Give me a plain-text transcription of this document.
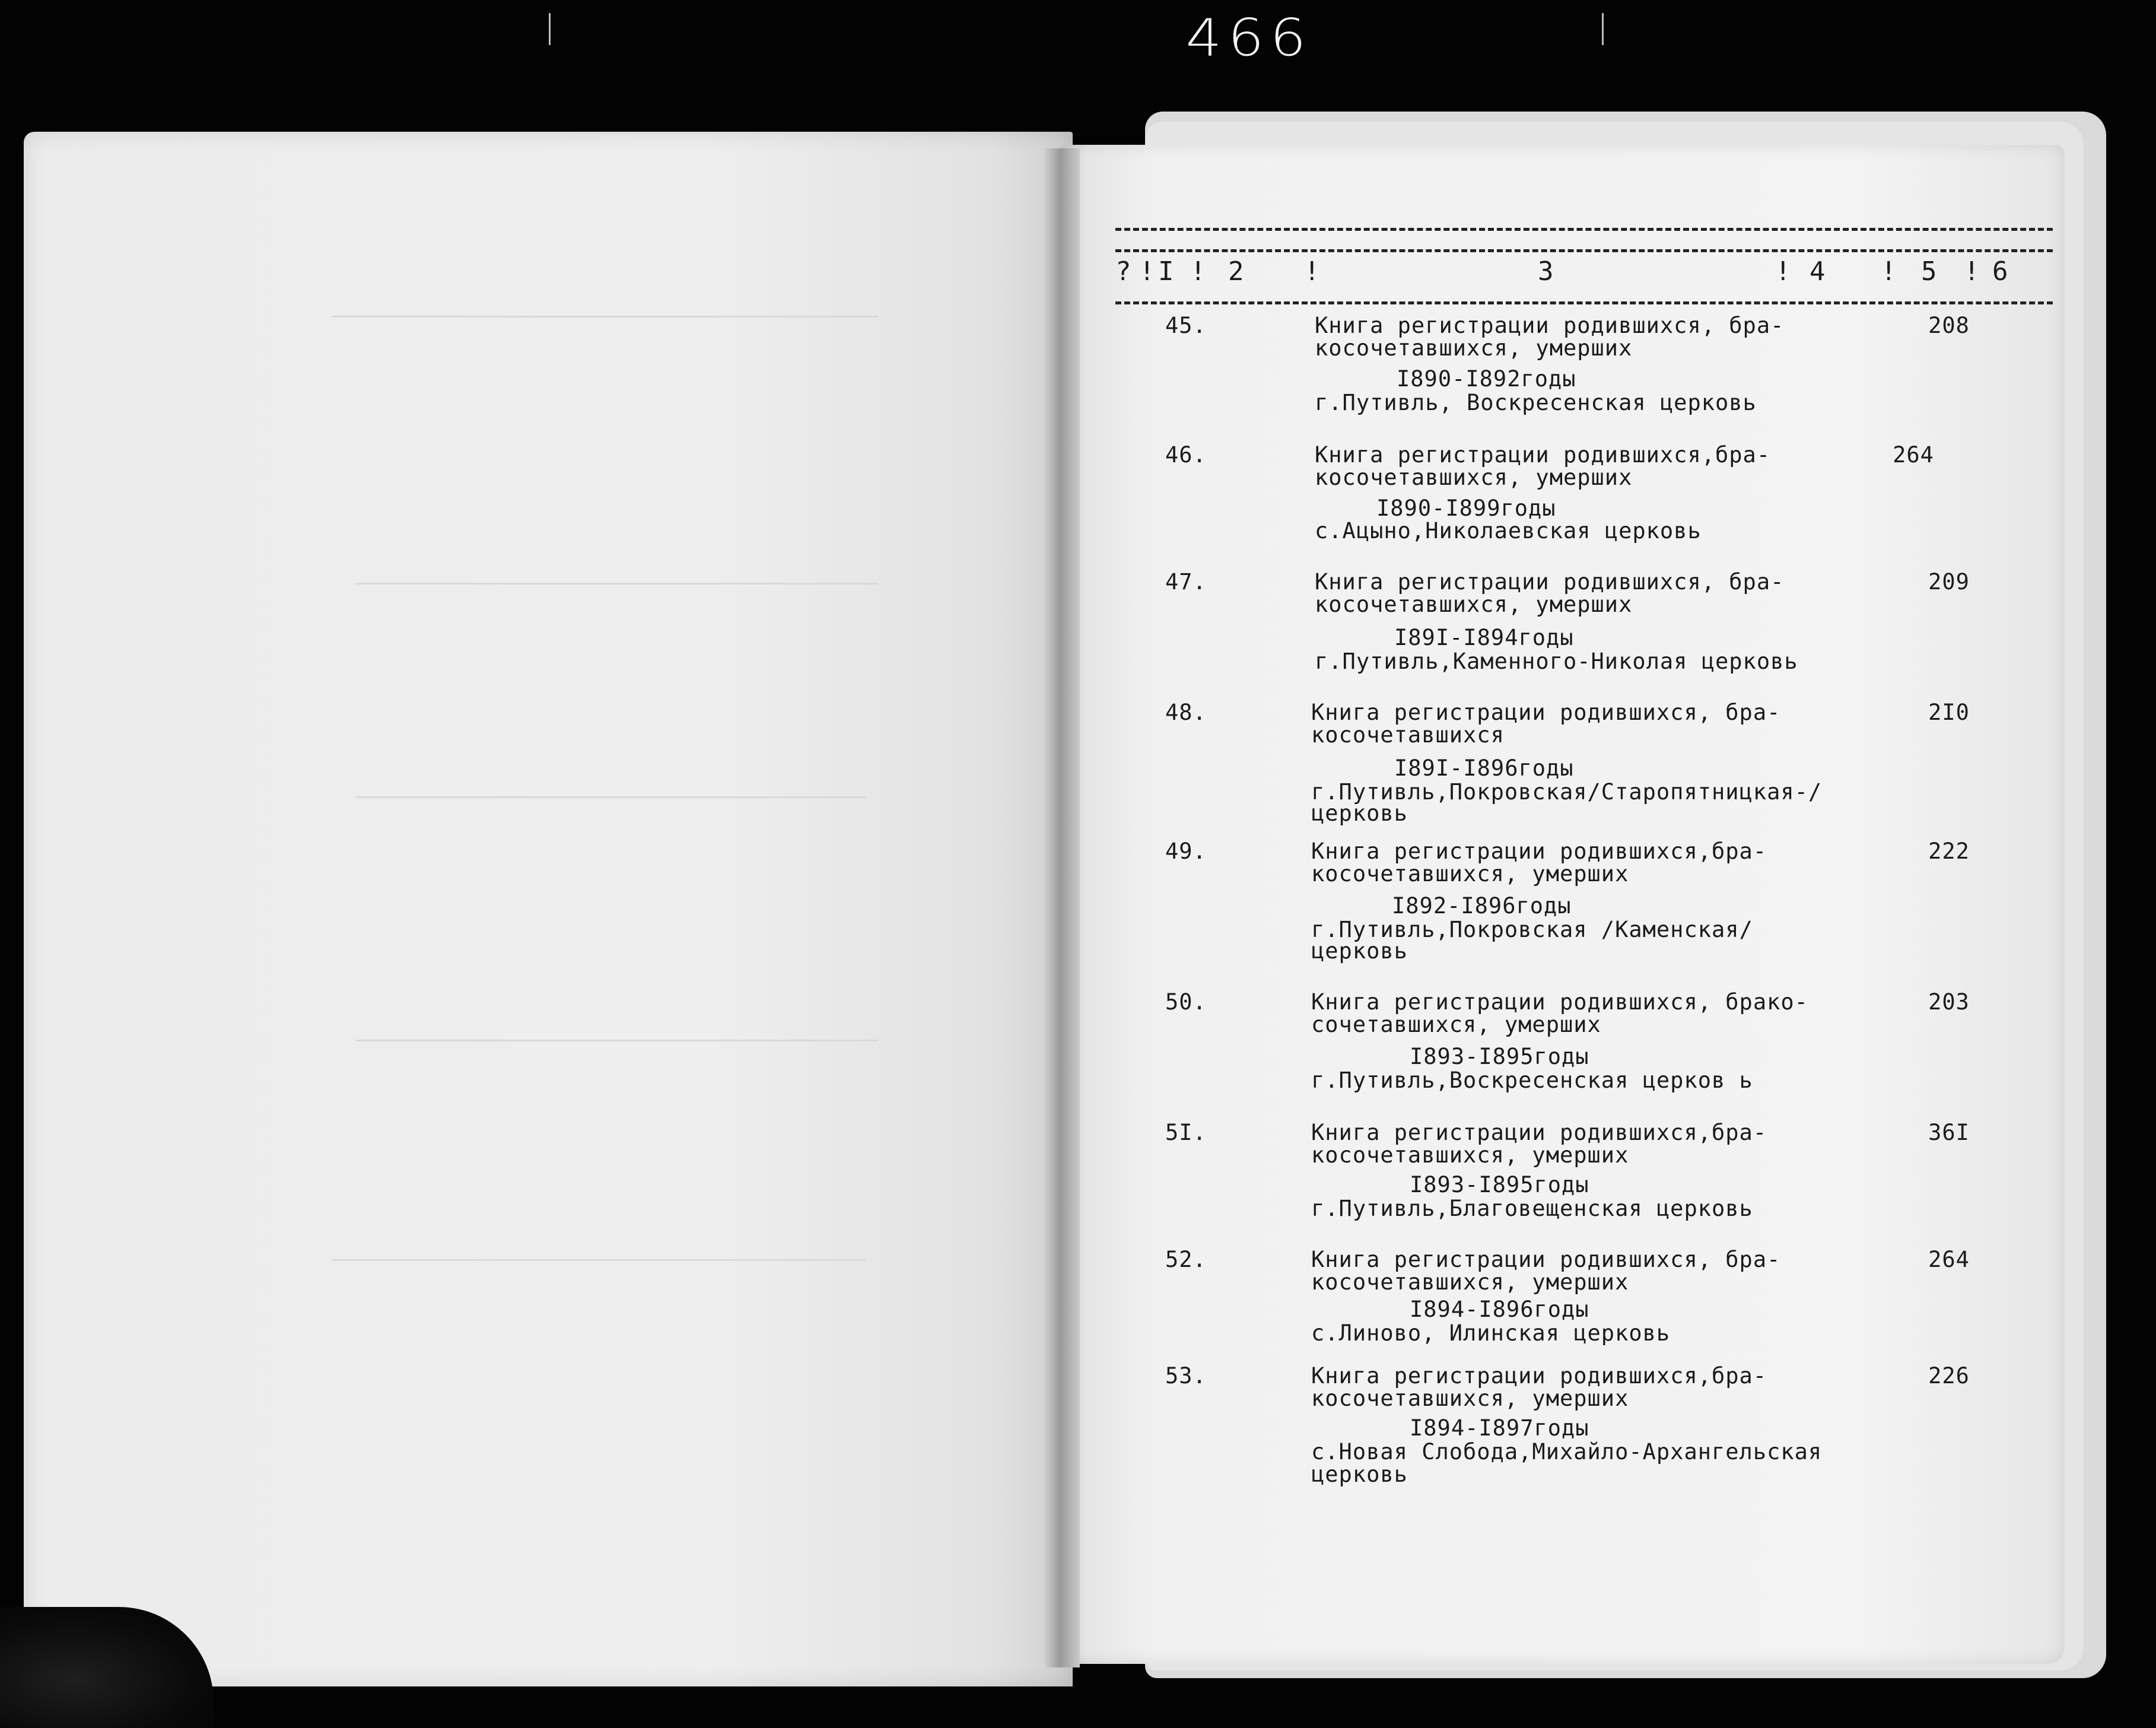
466
? ! I ! 2 !	3	! 4 ! 5 ! 6
45.	Книга регистрации родившихся, бра-
косочетавшихся, умерших
I890-I892годы
г.Путивль, Воскресенская церковь
208
46.	Книга регистрации родившихся,бра-
косочетавшихся, умерших
I890-I899годы
с.Ацыно,Николаевская церковь
264
47.	Книга регистрации родившихся, бра-
косочетавшихся, умерших
I89I-I894годы
г.Путивль,Каменного-Николая церковь
209
48.	Книга регистрации родившихся, бра-
косочетавшихся
I89I-I896годы
г.Путивль,Покровская/Старопятницкая-/
церковь
2I0
49.	Книга регистрации родившихся,бра-
косочетавшихся, умерших
I892-I896годы
г.Путивль,Покровская /Каменская/
церковь
222
50.	Книга регистрации родившихся, брако-
сочетавшихся, умерших
I893-I895годы
г.Путивль,Воскресенская церков ь
203
5I.	Книга регистрации родившихся,бра-
косочетавшихся, умерших
I893-I895годы
г.Путивль,Благовещенская церковь
36I
52.	Книга регистрации родившихся, бра-
косочетавшихся, умерших
I894-I896годы
с.Линово, Илинская церковь
264
53.	Книга регистрации родившихся,бра-
косочетавшихся, умерших
I894-I897годы
с.Новая Слобода,Михайло-Архангельская
церковь
226
